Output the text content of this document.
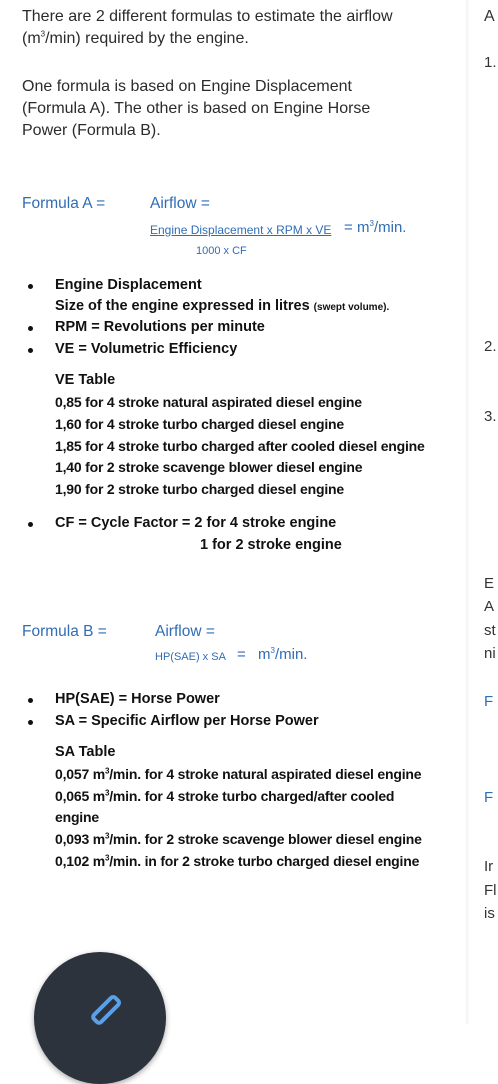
There are 2 different formulas to estimate the airflow
$(m^3/\min)$ required by the engine.
One formula is based on Engine Displacement
(Formula A). The other is based on Engine Horse
Power (Formula B).
Formula A =	Airflow =
Engine Displacement x RPM x VE = $m^3/\min$.
1000 x CF
Engine Displacement
Size of the engine expressed in litres (swept volume).
RPM = Revolutions per minute
VE = Volumetric Efficiency
VE Table
0,85 for 4 stroke natural aspirated diesel engine
1,60 for 4 stroke turbo charged diesel engine
1,85 for 4 stroke turbo charged after cooled diesel engine
1,40 for 2 stroke scavenge blower diesel engine
1,90 for 2 stroke turbo charged diesel engine
CF = Cycle Factor = 2 for 4 stroke engine
1 for 2 stroke engine
Formula B =	Airflow =
HP(SAE) x SA = $m^3/\min$.
HP(SAE) = Horse Power
SA = Specific Airflow per Horse Power
SA Table
0,057 $m^3/\min$. for 4 stroke natural aspirated diesel engine
0,065 $m^3/\min$. for 4 stroke turbo charged/after cooled
engine
0,093 $m^3/\min$. for 2 stroke scavenge blower diesel engine
0,102 $m^3/\min$. in for 2 stroke turbo charged diesel engine
A
1.
2.
3.
E
A
st
ni
F
F
Ir
Fl
is
